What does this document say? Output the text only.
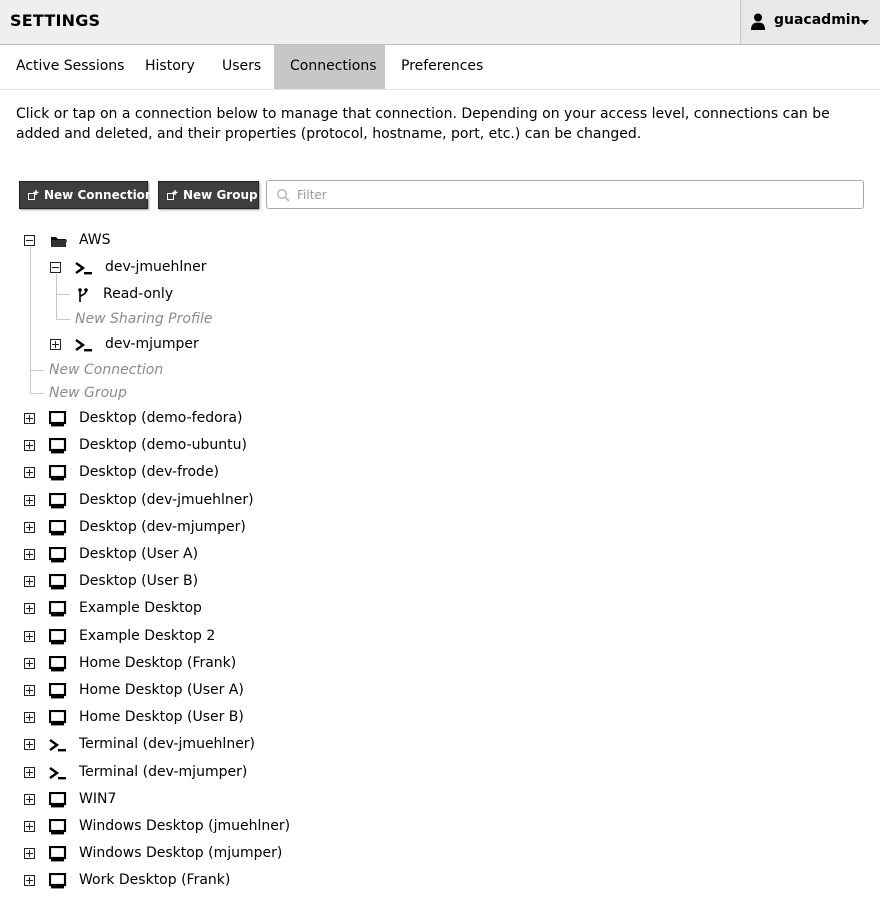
SETTINGS	guacadmin
Active Sessions	History	Users	Connections	Preferences
Click or tap on a connection below to manage that connection. Depending on your access level, connections can be added and deleted, and their properties (protocol, hostname, port, etc.) can be changed.
New Connection New Group
Filter
AWS
dev-jmuehlner
Read-only
New Sharing Profile
dev-mjumper
New Connection
New Group
Desktop (demo-fedora)
Desktop (demo-ubuntu)
Desktop (dev-frode)
Desktop (dev-jmuehlner)
Desktop (dev-mjumper)
Desktop (User A)
Desktop (User B)
Example Desktop
Example Desktop 2
Home Desktop (Frank)
Home Desktop (User A)
Home Desktop (User B)
Terminal (dev-jmuehlner)
Terminal (dev-mjumper)
WIN7
Windows Desktop (jmuehlner)
Windows Desktop (mjumper)
Work Desktop (Frank)
